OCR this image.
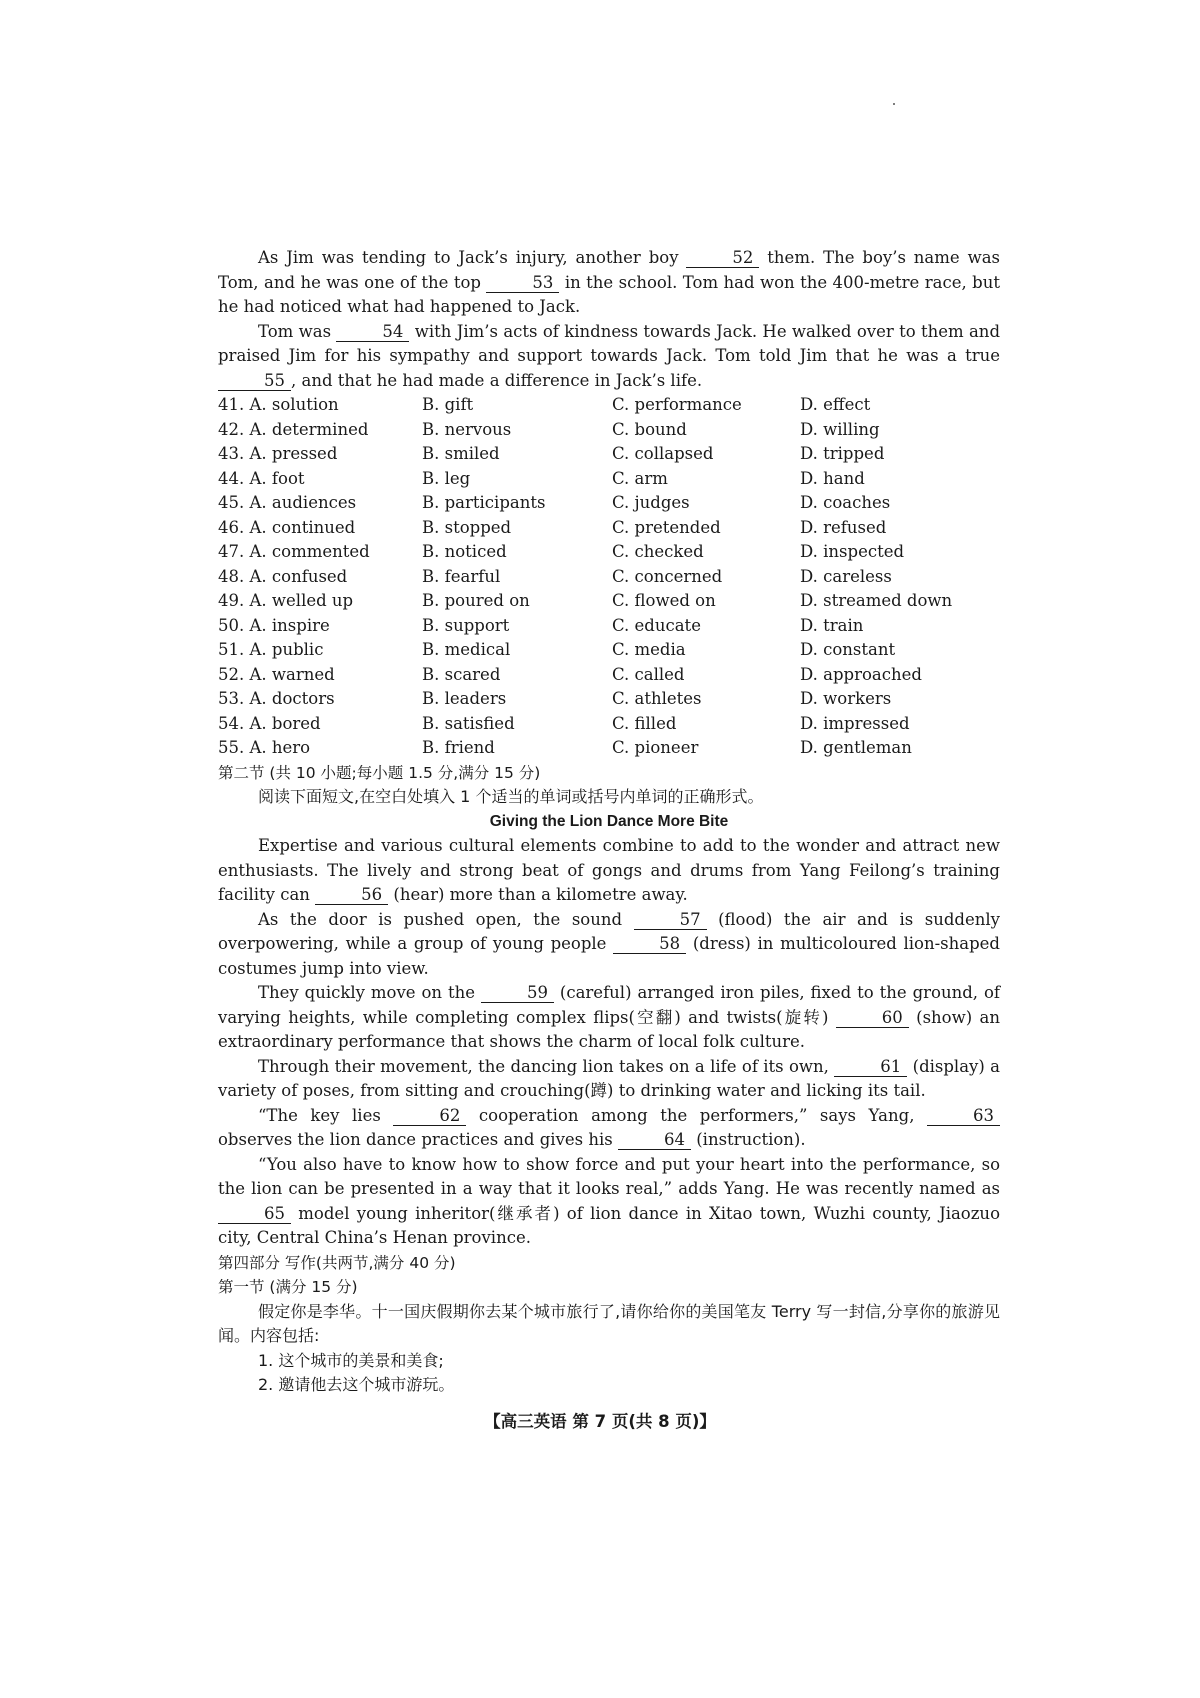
As Jim was tending to Jack’s injury, another boy	52 them. The boy’s name was Tom, and he was one of the top	53 in the school. Tom had won the 400-metre race, but he had noticed what had happened to Jack.

Tom was	54 with Jim’s acts of kindness towards Jack. He walked over to them and praised Jim for his sympathy and support towards Jack. Tom told Jim that he was a true 55 , and that he had made a difference in Jack’s life.

41. A. solution	B. gift	C. performance	D. effect
42. A. determined	B. nervous	C. bound	D. willing
43. A. pressed	B. smiled	C. collapsed	D. tripped
44. A. foot	B. leg	C. arm	D. hand
45. A. audiences	B. participants	C. judges	D. coaches
46. A. continued	B. stopped	C. pretended	D. refused
47. A. commented	B. noticed	C. checked	D. inspected
48. A. confused	B. fearful	C. concerned	D. careless
49. A. welled up	B. poured on	C. flowed on	D. streamed down
50. A. inspire	B. support	C. educate	D. train
51. A. public	B. medical	C. media	D. constant
52. A. warned	B. scared	C. called	D. approached
53. A. doctors	B. leaders	C. athletes	D. workers
54. A. bored	B. satisfied	C. filled	D. impressed
55. A. hero	B. friend	C. pioneer	D. gentleman

第二节 (共 10 小题;每小题 1.5 分,满分 15 分)

阅读下面短文,在空白处填入 1 个适当的单词或括号内单词的正确形式。

Giving the Lion Dance More Bite

Expertise and various cultural elements combine to add to the wonder and attract new enthusiasts. The lively and strong beat of gongs and drums from Yang Feilong’s training facility can	56 (hear) more than a kilometre away.

As the door is pushed open, the sound	57 (flood) the air and is suddenly overpowering, while a group of young people	58 (dress) in multicoloured lion-shaped costumes jump into view.

They quickly move on the	59 (careful) arranged iron piles, fixed to the ground, of varying heights, while completing complex flips(空翻) and twists(旋转)	60 (show) an extraordinary performance that shows the charm of local folk culture.

Through their movement, the dancing lion takes on a life of its own,	61 (display) a variety of poses, from sitting and crouching(蹲) to drinking water and licking its tail.

“The key lies	62 cooperation among the performers,” says Yang,	63 observes the lion dance practices and gives his	64 (instruction).

“You also have to know how to show force and put your heart into the performance, so the lion can be presented in a way that it looks real,” adds Yang. He was recently named as 65 model young inheritor(继承者) of lion dance in Xitao town, Wuzhi county, Jiaozuo city, Central China’s Henan province.

第四部分 写作(共两节,满分 40 分)

第一节 (满分 15 分)

假定你是李华。十一国庆假期你去某个城市旅行了,请你给你的美国笔友 Terry 写一封信,分享你的旅游见闻。内容包括:

1. 这个城市的美景和美食;

2. 邀请他去这个城市游玩。

【高三英语 第 7 页(共 8 页)】
